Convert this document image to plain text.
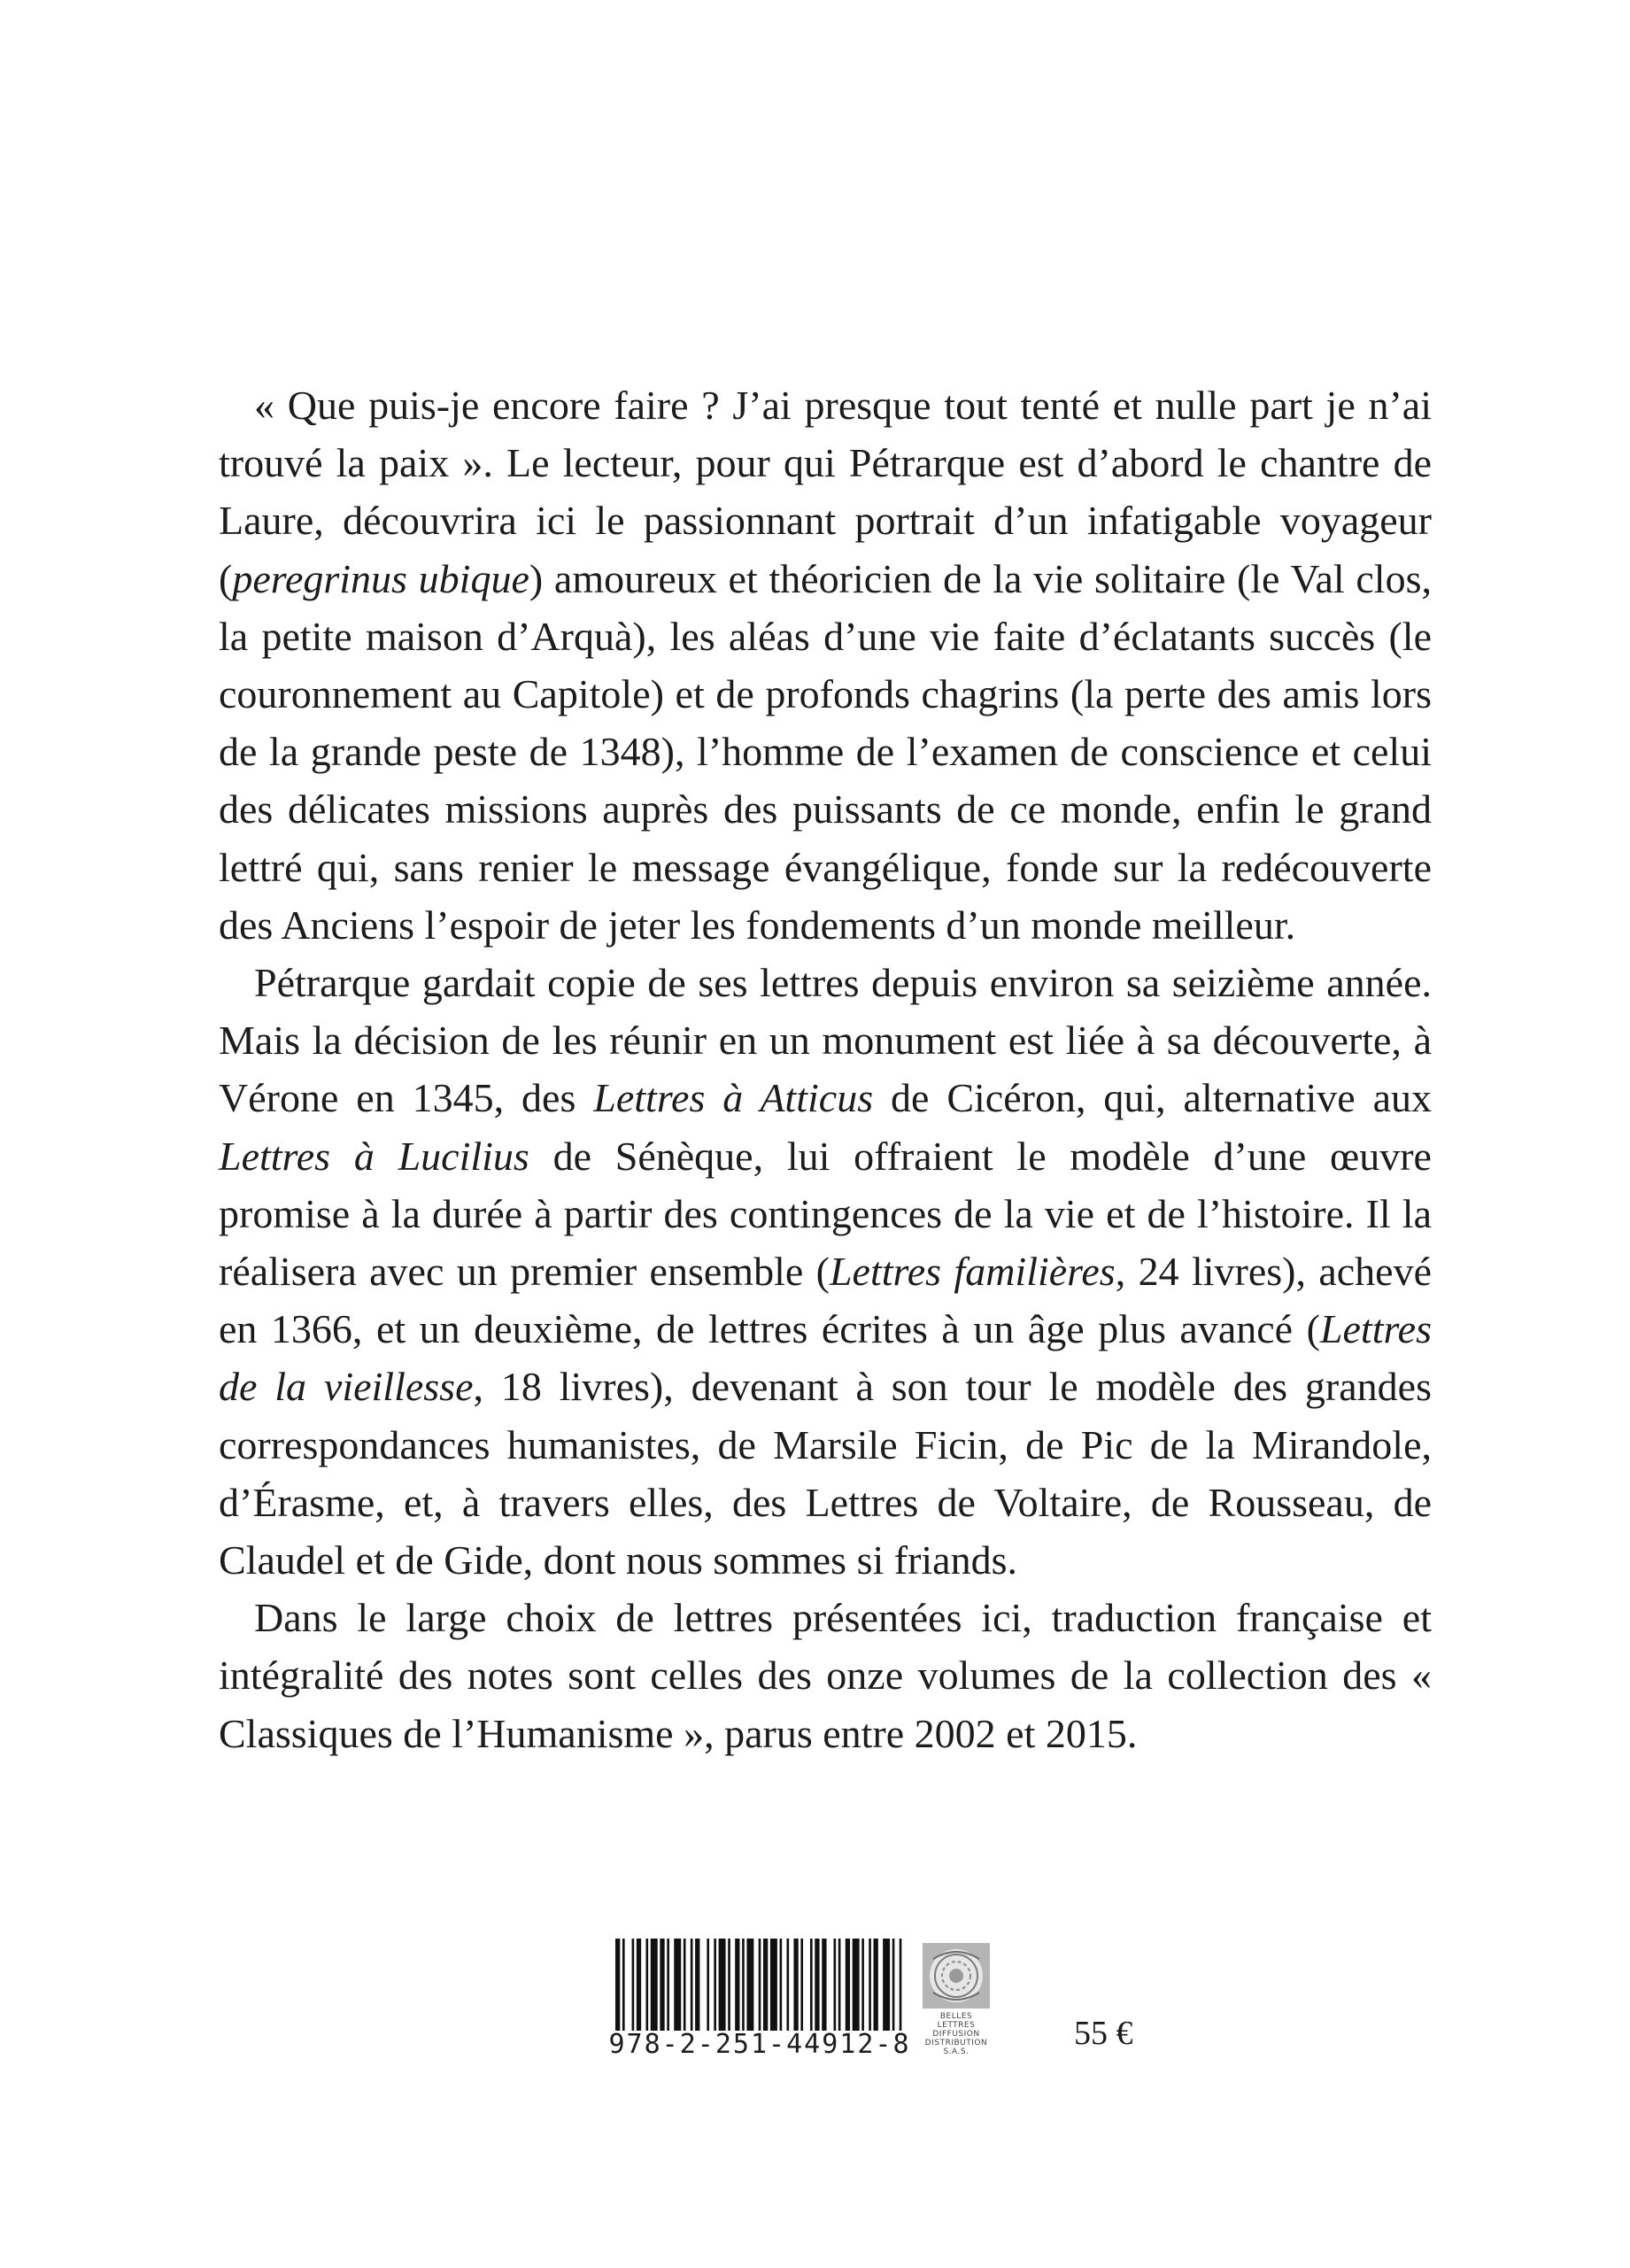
« Que puis-je encore faire ? J’ai presque tout tenté et nulle part je n’ai trouvé la paix ». Le lecteur, pour qui Pétrarque est d’abord le chantre de Laure, découvrira ici le passionnant portrait d’un infatigable voyageur (peregrinus ubique) amoureux et théoricien de la vie solitaire (le Val clos, la petite maison d’Arquà), les aléas d’une vie faite d’éclatants succès (le couronnement au Capitole) et de profonds chagrins (la perte des amis lors de la grande peste de 1348), l’homme de l’examen de conscience et celui des délicates missions auprès des puissants de ce monde, enfin le grand lettré qui, sans renier le message évangélique, fonde sur la redécouverte des Anciens l’espoir de jeter les fondements d’un monde meilleur.

Pétrarque gardait copie de ses lettres depuis environ sa seizième année. Mais la décision de les réunir en un monument est liée à sa découverte, à Vérone en 1345, des Lettres à Atticus de Cicéron, qui, alternative aux Lettres à Lucilius de Sénèque, lui offraient le modèle d’une œuvre promise à la durée à partir des contingences de la vie et de l’histoire. Il la réalisera avec un premier ensemble (Lettres familières, 24 livres), achevé en 1366, et un deuxième, de lettres écrites à un âge plus avancé (Lettres de la vieillesse, 18 livres), devenant à son tour le modèle des grandes correspondances humanistes, de Marsile Ficin, de Pic de la Mirandole, d’Érasme, et, à travers elles, des Lettres de Voltaire, de Rousseau, de Claudel et de Gide, dont nous sommes si friands.

Dans le large choix de lettres présentées ici, traduction française et intégralité des notes sont celles des onze volumes de la collection des « Classiques de l’Humanisme », parus entre 2002 et 2015.

978-2-251-44912-8
BELLES LETTRES
DIFFUSION
DISTRIBUTION
S.A.S.	55 €
